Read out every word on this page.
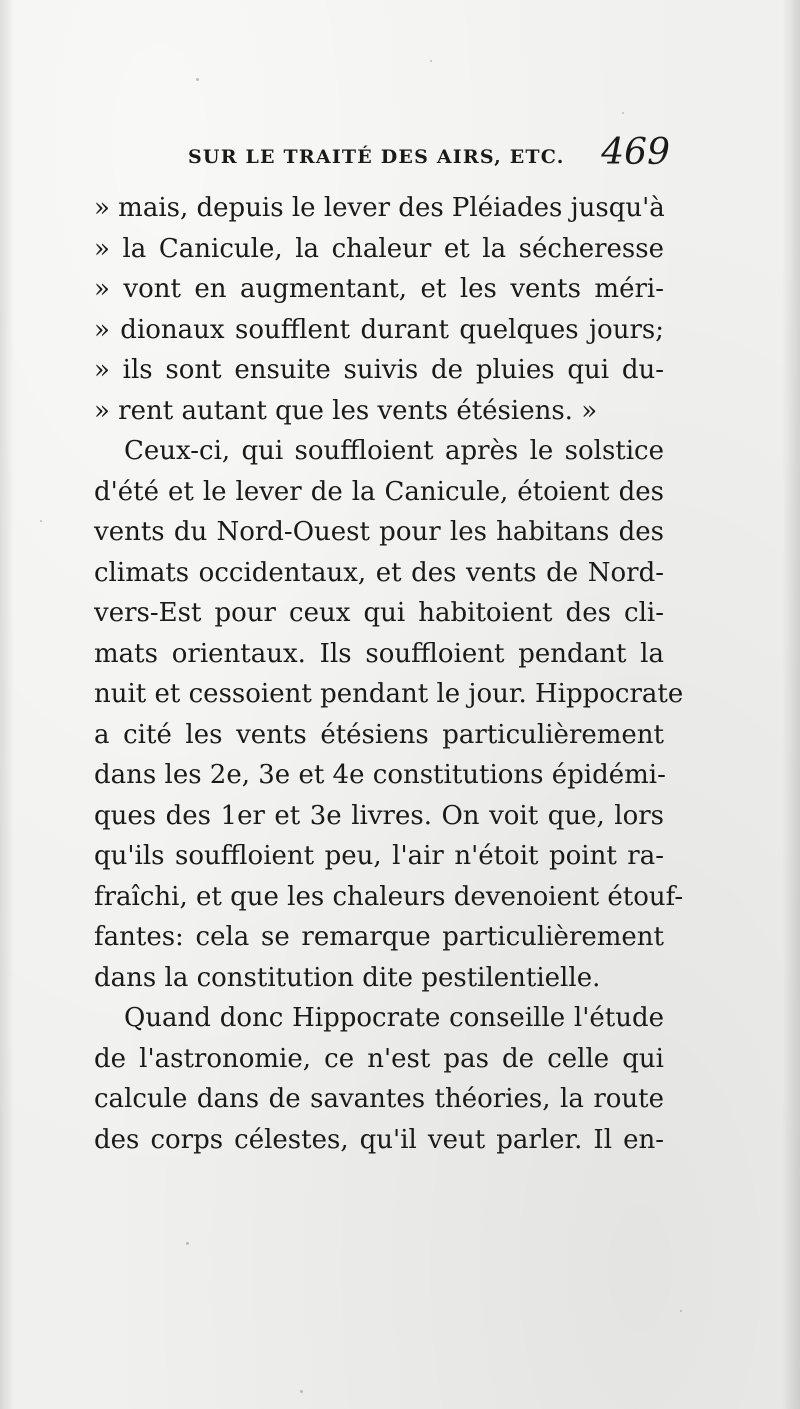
SUR LE TRAITÉ DES AIRS, ETC. 469
» mais, depuis le lever des Pléiades jusqu'à
» la Canicule, la chaleur et la sécheresse
» vont en augmentant, et les vents méri-
» dionaux soufflent durant quelques jours;
» ils sont ensuite suivis de pluies qui du-
» rent autant que les vents étésiens. »
Ceux-ci, qui souffloient après le solstice
d'été et le lever de la Canicule, étoient des
vents du Nord-Ouest pour les habitans des
climats occidentaux, et des vents de Nord-
vers-Est pour ceux qui habitoient des cli-
mats orientaux. Ils souffloient pendant la
nuit et cessoient pendant le jour. Hippocrate
a cité les vents étésiens particulièrement
dans les 2e, 3e et 4e constitutions épidémi-
ques des 1er et 3e livres. On voit que, lors
qu'ils souffloient peu, l'air n'étoit point ra-
fraîchi, et que les chaleurs devenoient étouf-
fantes: cela se remarque particulièrement
dans la constitution dite pestilentielle.
Quand donc Hippocrate conseille l'étude
de l'astronomie, ce n'est pas de celle qui
calcule dans de savantes théories, la route
des corps célestes, qu'il veut parler. Il en-
